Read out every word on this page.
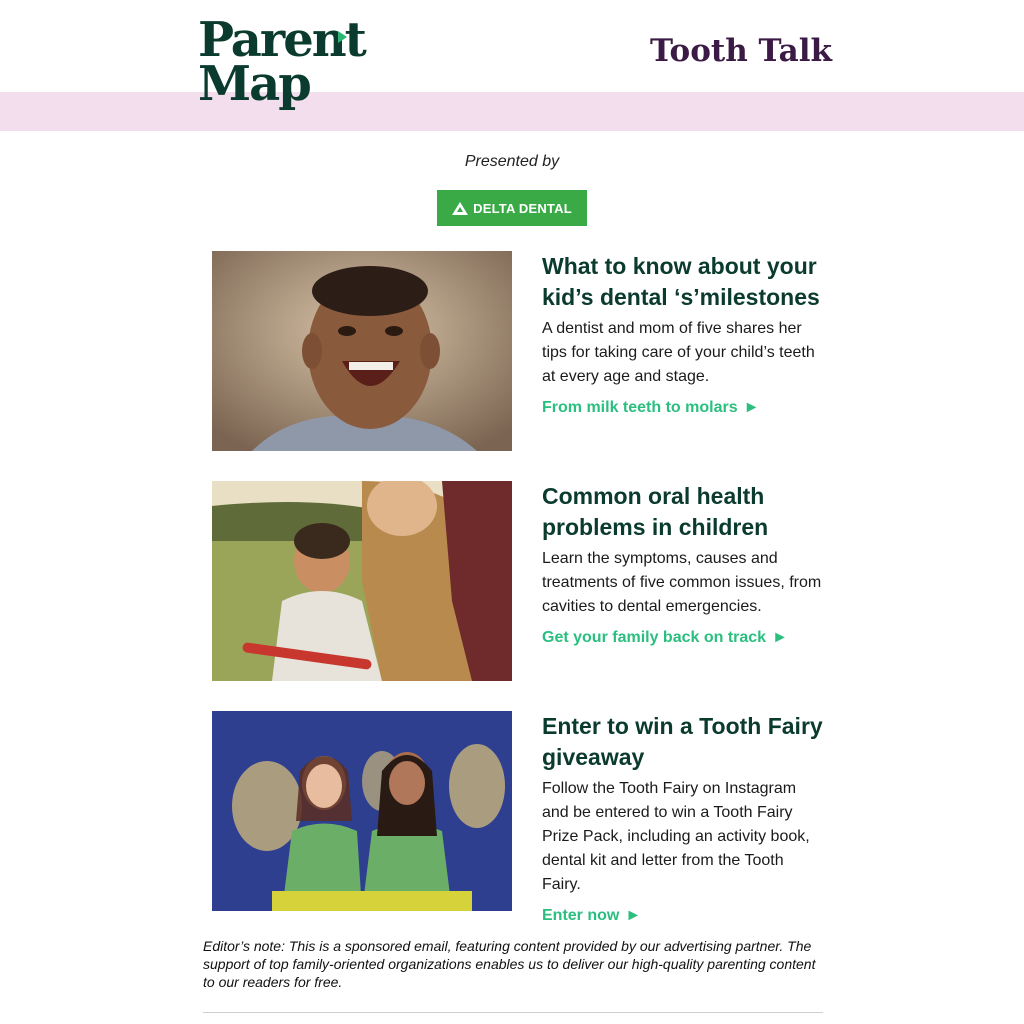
Parent
Map
Tooth Talk
Presented by
DELTA DENTAL
What to know about your kid’s dental ‘s’milestones

A dentist and mom of five shares her tips for taking care of your child’s teeth at every age and stage.

From milk teeth to molars ►
Common oral health problems in children

Learn the symptoms, causes and treatments of five common issues, from cavities to dental emergencies.

Get your family back on track ►
Enter to win a Tooth Fairy giveaway

Follow the Tooth Fairy on Instagram and be entered to win a Tooth Fairy Prize Pack, including an activity book, dental kit and letter from the Tooth Fairy.

Enter now ►
Editor’s note: This is a sponsored email, featuring content provided by our advertising partner. The support of top family-oriented organizations enables us to deliver our high-quality parenting content to our readers for free.
